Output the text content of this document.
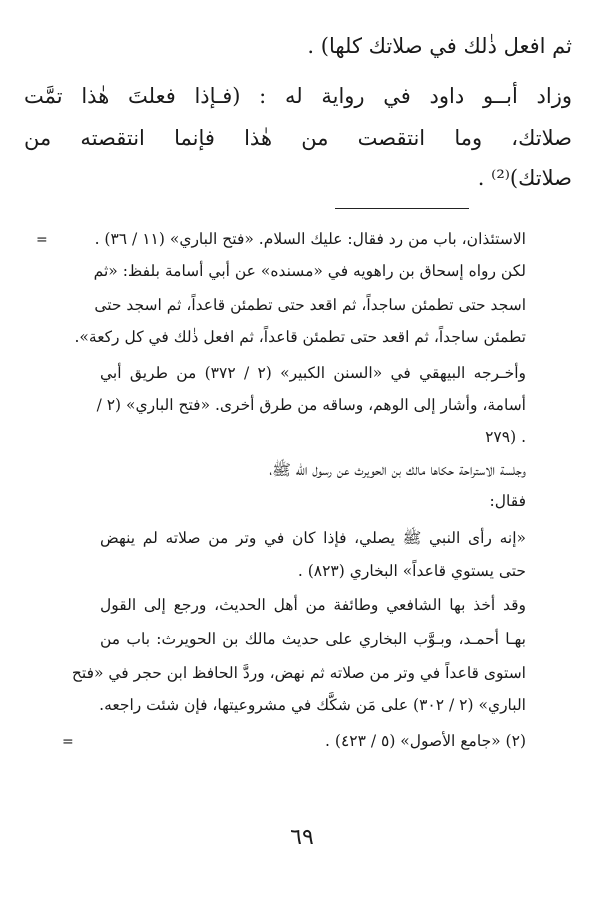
ثم افعل ذٰلك في صلاتك كلها) .
وزاد أبــو داود في رواية له : (فـإذا فعلتَ هٰذا تمَّت
صلاتك، وما انتقصت من هٰذا فإنما انتقصته من
صلاتك)⁽²⁾ .
=	الاستئذان، باب من رد فقال: عليك السلام. «فتح الباري» (١١ / ٣٦) .
لكن رواه إسحاق بن راهويه في «مسنده» عن أبي أسامة بلفظ: «ثم
اسجد حتى تطمئن ساجداً، ثم اقعد حتى تطمئن قاعداً، ثم اسجد حتى
تطمئن ساجداً، ثم اقعد حتى تطمئن قاعداً، ثم افعل ذٰلك في كل ركعة».
وأخـرجه البيهقي في «السنن الكبير» (٢ / ٣٧٢) من طريق أبي
أسامة، وأشار إلى الوهم، وساقه من طرق أخرى. «فتح الباري» (٢ /
٢٧٩) .
وجلسة الاستراحة حكاها مالك بن الحويرث عن رسول الله ﷺ،
فقال:
«إنه رأى النبي ﷺ يصلي، فإذا كان في وتر من صلاته لم ينهض
حتى يستوي قاعداً» البخاري (٨٢٣) .
وقد أخذ بها الشافعي وطائفة من أهل الحديث، ورجع إلى القول
بهـا أحمـد، وبـوَّب البخاري على حديث مالك بن الحويرث: باب من
استوى قاعداً في وتر من صلاته ثم نهض، وردَّ الحافظ ابن حجر في «فتح
الباري» (٢ / ٣٠٢) على مَن شكَّك في مشروعيتها، فإن شئت راجعه.
(٢) «جامع الأصول» (٥ / ٤٢٣) .
=
٦٩
